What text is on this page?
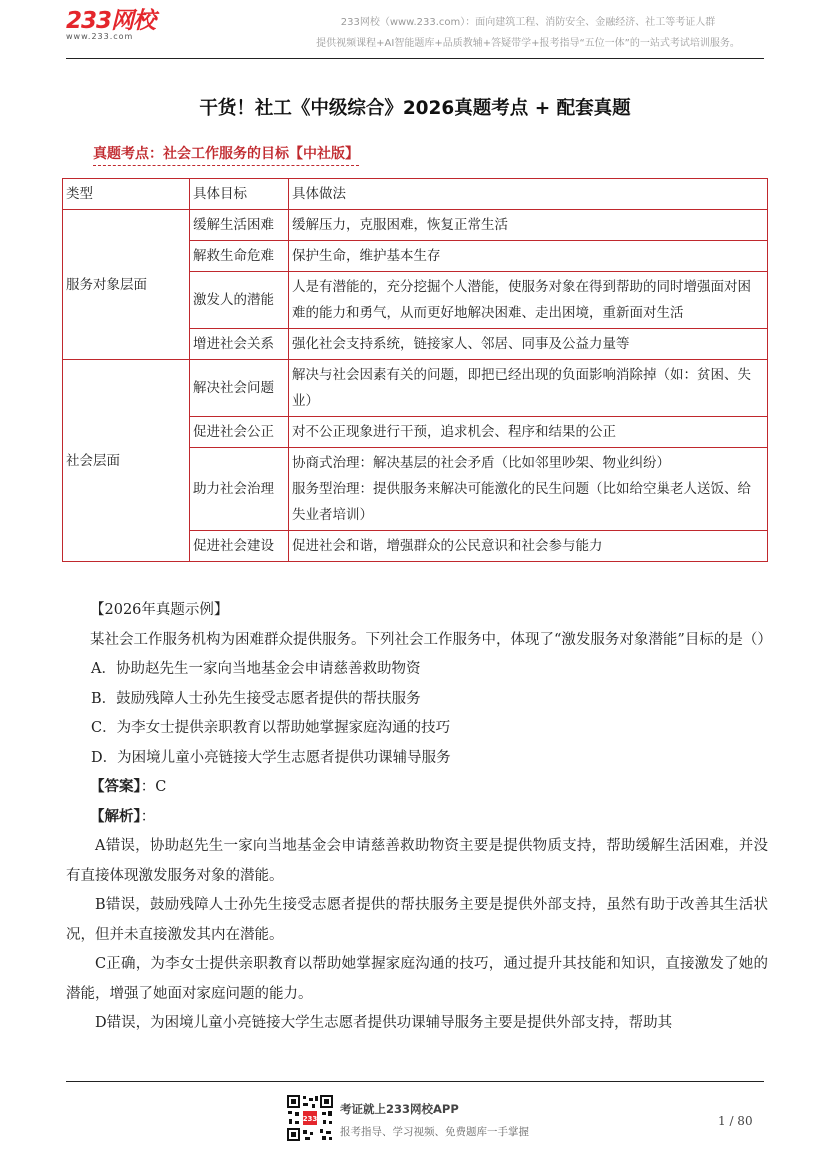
233网校
www.233.com
233网校（www.233.com）：面向建筑工程、消防安全、金融经济、社工等考证人群
提供视频课程+AI智能题库+品质教辅+答疑带学+报考指导“五位一体”的一站式考试培训服务。
干货！社工《中级综合》2026真题考点 + 配套真题
真题考点：社会工作服务的目标【中社版】
类型	具体目标	具体做法
服务对象层面	缓解生活困难	缓解压力，克服困难，恢复正常生活
	解救生命危难	保护生命，维护基本生存
	激发人的潜能	人是有潜能的，充分挖掘个人潜能，使服务对象在得到帮助的同时增强面对困难的能力和勇气，从而更好地解决困难、走出困境，重新面对生活
	增进社会关系	强化社会支持系统，链接家人、邻居、同事及公益力量等
社会层面	解决社会问题	解决与社会因素有关的问题，即把已经出现的负面影响消除掉（如：贫困、失业）
	促进社会公正	对不公正现象进行干预，追求机会、程序和结果的公正
	助力社会治理	协商式治理：解决基层的社会矛盾（比如邻里吵架、物业纠纷）
服务型治理：提供服务来解决可能激化的民生问题（比如给空巢老人送饭、给失业者培训）

	促进社会建设	促进社会和谐，增强群众的公民意识和社会参与能力

【2026年真题示例】

某社会工作服务机构为困难群众提供服务。下列社会工作服务中，体现了“激发服务对象潜能”目标的是（）

A．协助赵先生一家向当地基金会申请慈善救助物资

B．鼓励残障人士孙先生接受志愿者提供的帮扶服务

C．为李女士提供亲职教育以帮助她掌握家庭沟通的技巧

D．为困境儿童小亮链接大学生志愿者提供功课辅导服务

【答案】：C

【解析】：

A错误，协助赵先生一家向当地基金会申请慈善救助物资主要是提供物质支持，帮助缓解生活困难，并没有直接体现激发服务对象的潜能。

B错误，鼓励残障人士孙先生接受志愿者提供的帮扶服务主要是提供外部支持，虽然有助于改善其生活状况，但并未直接激发其内在潜能。

C正确，为李女士提供亲职教育以帮助她掌握家庭沟通的技巧，通过提升其技能和知识，直接激发了她的潜能，增强了她面对家庭问题的能力。

D错误，为困境儿童小亮链接大学生志愿者提供功课辅导服务主要是提供外部支持，帮助其

233
考证就上233网校APP
报考指导、学习视频、免费题库一手掌握
1 / 80
